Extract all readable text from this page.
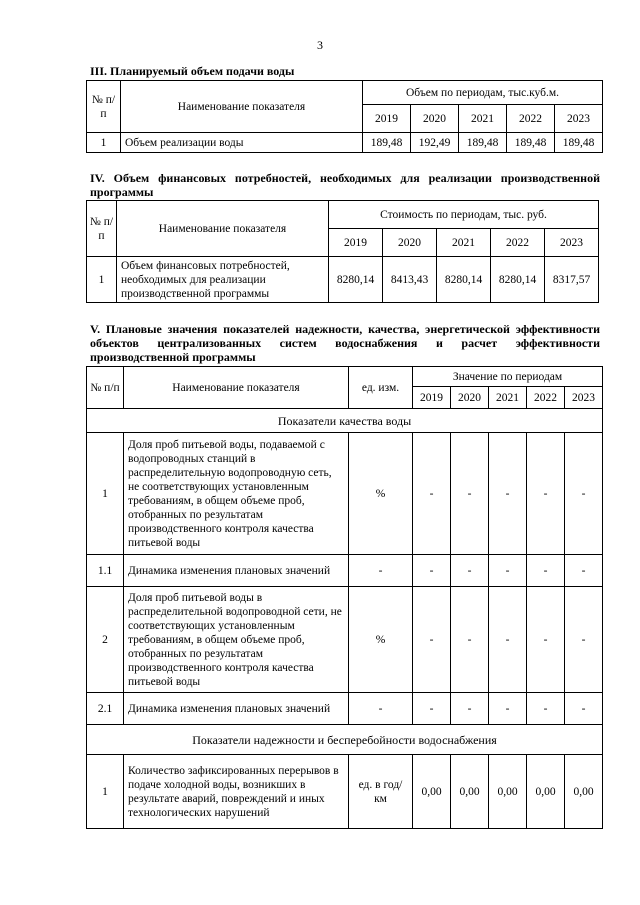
3
III. Планируемый объем подачи воды
№ п/п	Наименование показателя	Объем по периодам, тыс.куб.м.				
		2019	2020	2021	2022	2023
1	Объем реализации воды	189,48	192,49	189,48	189,48	189,48
IV. Объем финансовых потребностей, необходимых для реализации производственной программы
№ п/п	Наименование показателя	Стоимость по периодам, тыс. руб.				
		2019	2020	2021	2022	2023
1	Объем финансовых потребностей, необходимых для реализации производственной программы	8280,14	8413,43	8280,14	8280,14	8317,57
V. Плановые значения показателей надежности, качества, энергетической эффективности объектов централизованных систем водоснабжения и расчет эффективности производственной программы
№ п/п	Наименование показателя	ед. изм.	Значение по периодам				
			2019	2020	2021	2022	2023
Показатели качества воды							
1	Доля проб питьевой воды, подаваемой с водопроводных станций в распределительную водопроводную сеть, не соответствующих установленным требованиям, в общем объеме проб, отобранных по результатам производственного контроля качества питьевой воды	%	-	-	-	-	-
1.1	Динамика изменения плановых значений	-	-	-	-	-	-
2	Доля проб питьевой воды в распределительной водопроводной сети, не соответствующих установленным требованиям, в общем объеме проб, отобранных по результатам производственного контроля качества питьевой воды	%	-	-	-	-	-
2.1	Динамика изменения плановых значений	-	-	-	-	-	-
Показатели надежности и бесперебойности водоснабжения							
1	Количество зафиксированных перерывов в подаче холодной воды, возникших в результате аварий, повреждений и иных технологических нарушений	ед. в год/ км	0,00	0,00	0,00	0,00	0,00
